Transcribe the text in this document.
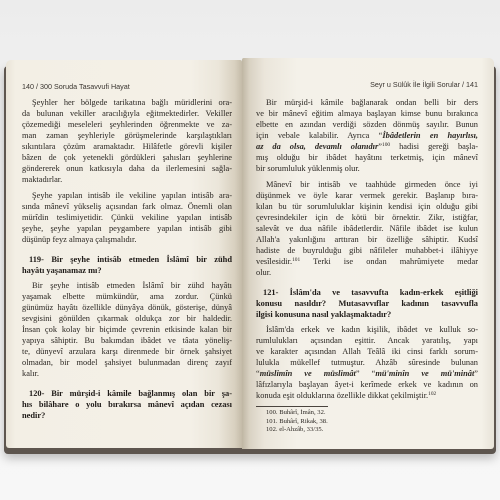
140 / 300 Soruda Tasavvufi Hayat
Şeyhler her bölgede tarikatına bağlı müridlerini ora-
da bulunan vekiller aracılığıyla eğitmektedirler. Vekiller
çözemediği meseleleri şeyhlerinden öğrenmekte ve za-
man zaman şeyhleriyle görüşmelerinde karşılaştıkları
sıkıntılara çözüm aramaktadır. Hilâfetle görevli kişiler
bâzen de çok yetenekli gördükleri şahısları şeyhlerine
göndererek onun katkısıyla daha da ilerlemesini sağla-
maktadırlar.
Şeyhe yapılan intisâb ile vekiline yapılan intisâb ara-
sında mânevî yükseliş açısından fark olmaz. Önemli olan
mürîdin teslimiyetidir. Çünkü vekiline yapılan intisâb
şeyhe, şeyhe yapılan peygambere yapılan intisâb gibi
düşünüp feyz almaya çalışmalıdır.
119- Bir şeyhe intisâb etmeden İslâmî bir zühd
hayâtı yaşanamaz mı?
Bir şeyhe intisâb etmeden İslâmî bir zühd hayâtı
yaşamak elbette mümkündür, ama zordur. Çünkü
günümüz hayâtı özellikle dünyâya dönük, gösterişe, dünyâ
sevgisini gönülden çıkarmak oldukça zor bir haldedir.
İnsan çok kolay bir biçimde çevrenin etkisinde kalan bir
yapıya sâhiptir. Bu bakımdan ibâdet ve tâata yöneliş-
te, dünyevî arzulara karşı direnmede bir örnek şahsiyet
olmadan, bir model şahsiyet bulunmadan direnç zayıf
kalır.
120- Bir mürşid-i kâmile bağlanmış olan bir şa-
hıs bilâhare o yolu bırakırsa mânevî açıdan cezası
nedir?
Seyr u Sülûk İle İlgili Sorular / 141
Bir mürşid-i kâmile bağlanarak ondan belli bir ders
ve bir mânevî eğitim almaya başlayan kimse bunu bırakınca
elbette en azından verdiği sözden dönmüş sayılır. Bunun
için vebale kalabilir. Ayrıca “İbâdetlerin en hayırlısı,
az da olsa, devamlı olanıdır”$^{100}$ hadisi gereği başla-
mış olduğu bir ibâdet hayâtını terketmiş, için mânevî
bir sorumluluk yüklenmiş olur.
Mânevî bir intisâb ve taahhüde girmeden önce iyi
düşünmek ve öyle karar vermek gerekir. Başlanıp bıra-
kılan bu tür sorumluluklar kişinin kendisi için olduğu gibi
çevresindekiler için de kötü bir örnektir. Zikr, istiğfar,
salevât ve dua nâfile ibâdetlerdir. Nâfile ibâdet ise kulun
Allah'a yakınlığını arttıran bir özelliğe sâhiptir. Kudsî
hadiste de buyrulduğu gibi nâfileler muhabbet-i ilâhiyye
vesîlesidir.$^{101}$ Terki ise ondan mahrûmiyete medar
olur.
121- İslâm'da ve tasavvufta kadın-erkek eşitliği
konusu nasıldır? Mutasavvıflar kadının tasavvufla
ilgisi konusuna nasıl yaklaşmaktadır?
İslâm'da erkek ve kadın kişilik, ibâdet ve kulluk so-
rumlulukları açısından eşittir. Ancak yaratılış, yapı
ve karakter açısından Allah Teâlâ iki cinsi farklı sorum-
lulukla mükellef tutmuştur. Ahzâb sûresinde bulunan
“müslimîn ve müslimât” “mü'minîn ve mü'minât”
lâfızlarıyla başlayan âyet-i kerîmede erkek ve kadının on
konuda eşit olduklarına özellikle dikkat çekilmiştir.$^{102}$
100. Buhârî, İmân, 32.
101. Buhârî, Rikak, 38.
102. el-Ahzâb, 33/35.
